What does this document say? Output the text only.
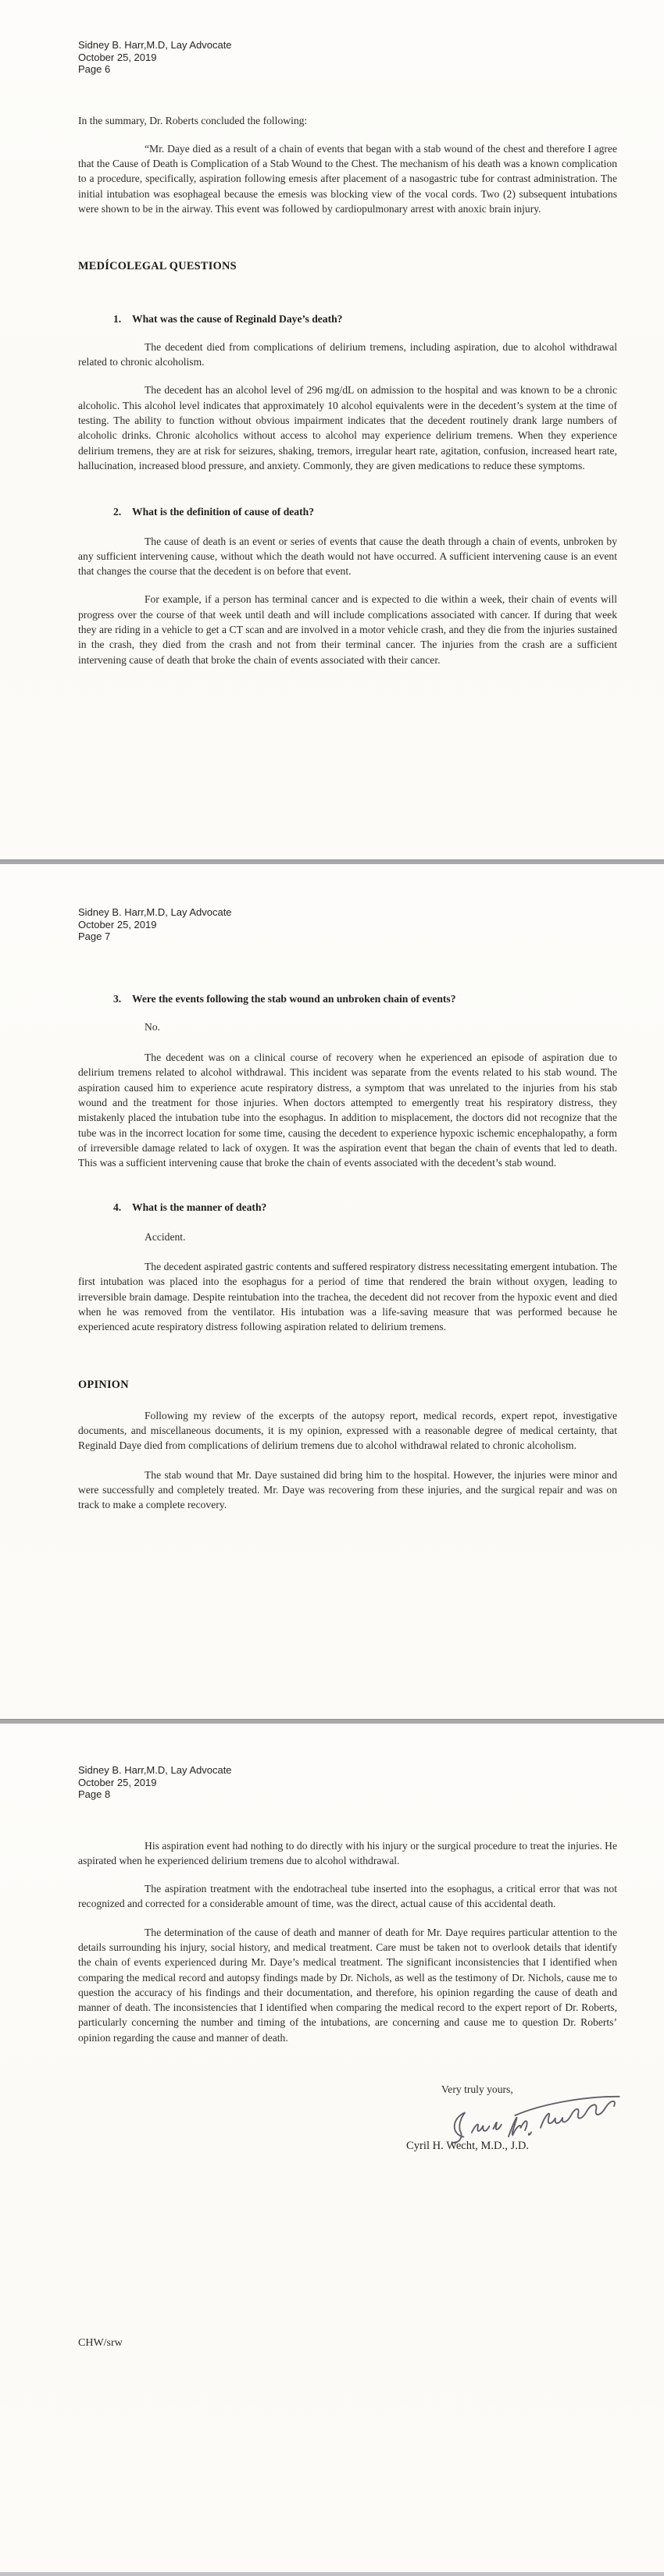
Sidney B. Harr,M.D, Lay Advocate
October 25, 2019
Page 6

In the summary, Dr. Roberts concluded the following:

“Mr. Daye died as a result of a chain of events that began with a stab wound of the chest and therefore I agree that the Cause of Death is Complication of a Stab Wound to the Chest. The mechanism of his death was a known complication to a procedure, specifically, aspiration following emesis after placement of a nasogastric tube for contrast administration. The initial intubation was esophageal because the emesis was blocking view of the vocal cords. Two (2) subsequent intubations were shown to be in the airway. This event was followed by cardiopulmonary arrest with anoxic brain injury.

MEDÍCOLEGAL QUESTIONS
1.	What was the cause of Reginald Daye’s death?

The decedent died from complications of delirium tremens, including aspiration, due to alcohol withdrawal related to chronic alcoholism.

The decedent has an alcohol level of 296 mg/dL on admission to the hospital and was known to be a chronic alcoholic. This alcohol level indicates that approximately 10 alcohol equivalents were in the decedent’s system at the time of testing. The ability to function without obvious impairment indicates that the decedent routinely drank large numbers of alcoholic drinks. Chronic alcoholics without access to alcohol may experience delirium tremens. When they experience delirium tremens, they are at risk for seizures, shaking, tremors, irregular heart rate, agitation, confusion, increased heart rate, hallucination, increased blood pressure, and anxiety. Commonly, they are given medications to reduce these symptoms.

2.	What is the definition of cause of death?

The cause of death is an event or series of events that cause the death through a chain of events, unbroken by any sufficient intervening cause, without which the death would not have occurred. A sufficient intervening cause is an event that changes the course that the decedent is on before that event.

For example, if a person has terminal cancer and is expected to die within a week, their chain of events will progress over the course of that week until death and will include complications associated with cancer. If during that week they are riding in a vehicle to get a CT scan and are involved in a motor vehicle crash, and they die from the injuries sustained in the crash, they died from the crash and not from their terminal cancer. The injuries from the crash are a sufficient intervening cause of death that broke the chain of events associated with their cancer.

Sidney B. Harr,M.D, Lay Advocate
October 25, 2019
Page 7
3.	Were the events following the stab wound an unbroken chain of events?

No.

The decedent was on a clinical course of recovery when he experienced an episode of aspiration due to delirium tremens related to alcohol withdrawal. This incident was separate from the events related to his stab wound. The aspiration caused him to experience acute respiratory distress, a symptom that was unrelated to the injuries from his stab wound and the treatment for those injuries. When doctors attempted to emergently treat his respiratory distress, they mistakenly placed the intubation tube into the esophagus. In addition to misplacement, the doctors did not recognize that the tube was in the incorrect location for some time, causing the decedent to experience hypoxic ischemic encephalopathy, a form of irreversible damage related to lack of oxygen. It was the aspiration event that began the chain of events that led to death. This was a sufficient intervening cause that broke the chain of events associated with the decedent’s stab wound.

4.	What is the manner of death?

Accident.

The decedent aspirated gastric contents and suffered respiratory distress necessitating emergent intubation. The first intubation was placed into the esophagus for a period of time that rendered the brain without oxygen, leading to irreversible brain damage. Despite reintubation into the trachea, the decedent did not recover from the hypoxic event and died when he was removed from the ventilator. His intubation was a life-saving measure that was performed because he experienced acute respiratory distress following aspiration related to delirium tremens.

OPINION

Following my review of the excerpts of the autopsy report, medical records, expert repot, investigative documents, and miscellaneous documents, it is my opinion, expressed with a reasonable degree of medical certainty, that Reginald Daye died from complications of delirium tremens due to alcohol withdrawal related to chronic alcoholism.

The stab wound that Mr. Daye sustained did bring him to the hospital. However, the injuries were minor and were successfully and completely treated. Mr. Daye was recovering from these injuries, and the surgical repair and was on track to make a complete recovery.

Sidney B. Harr,M.D, Lay Advocate
October 25, 2019
Page 8

His aspiration event had nothing to do directly with his injury or the surgical procedure to treat the injuries. He aspirated when he experienced delirium tremens due to alcohol withdrawal.

The aspiration treatment with the endotracheal tube inserted into the esophagus, a critical error that was not recognized and corrected for a considerable amount of time, was the direct, actual cause of this accidental death.

The determination of the cause of death and manner of death for Mr. Daye requires particular attention to the details surrounding his injury, social history, and medical treatment. Care must be taken not to overlook details that identify the chain of events experienced during Mr. Daye’s medical treatment. The significant inconsistencies that I identified when comparing the medical record and autopsy findings made by Dr. Nichols, as well as the testimony of Dr. Nichols, cause me to question the accuracy of his findings and their documentation, and therefore, his opinion regarding the cause of death and manner of death. The inconsistencies that I identified when comparing the medical record to the expert report of Dr. Roberts, particularly concerning the number and timing of the intubations, are concerning and cause me to question Dr. Roberts’ opinion regarding the cause and manner of death.

Very truly yours,

Cyril H. Wecht, M.D., J.D.

CHW/srw
